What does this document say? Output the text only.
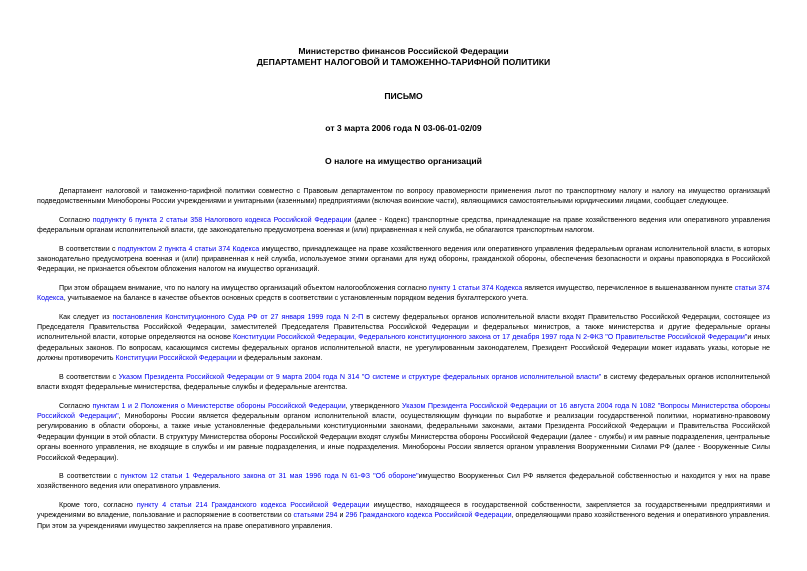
Министерство финансов Российской Федерации
ДЕПАРТАМЕНТ НАЛОГОВОЙ И ТАМОЖЕННО-ТАРИФНОЙ ПОЛИТИКИ
ПИСЬМО
от 3 марта 2006 года N 03-06-01-02/09
О налоге на имущество организаций

Департамент налоговой и таможенно-тарифной политики совместно с Правовым департаментом по вопросу правомерности применения льгот по транспортному налогу и налогу на имущество организаций подведомственными Минобороны России учреждениями и унитарными (казенными) предприятиями (включая воинские части), являющимися самостоятельными юридическими лицами, сообщает следующее.

Согласно подпункту 6 пункта 2 статьи 358 Налогового кодекса Российской Федерации (далее - Кодекс) транспортные средства, принадлежащие на праве хозяйственного ведения или оперативного управления федеральным органам исполнительной власти, где законодательно предусмотрена военная и (или) приравненная к ней служба, не облагаются транспортным налогом.

В соответствии с подпунктом 2 пункта 4 статьи 374 Кодекса имущество, принадлежащее на праве хозяйственного ведения или оперативного управления федеральным органам исполнительной власти, в которых законодательно предусмотрена военная и (или) приравненная к ней служба, используемое этими органами для нужд обороны, гражданской обороны, обеспечения безопасности и охраны правопорядка в Российской Федерации, не признается объектом обложения налогом на имущество организаций.

При этом обращаем внимание, что по налогу на имущество организаций объектом налогообложения согласно пункту 1 статьи 374 Кодекса является имущество, перечисленное в вышеназванном пункте статьи 374 Кодекса, учитываемое на балансе в качестве объектов основных средств в соответствии с установленным порядком ведения бухгалтерского учета.

Как следует из постановления Конституционного Суда РФ от 27 января 1999 года N 2-П в систему федеральных органов исполнительной власти входят Правительство Российской Федерации, состоящее из Председателя Правительства Российской Федерации, заместителей Председателя Правительства Российской Федерации и федеральных министров, а также министерства и другие федеральные органы исполнительной власти, которые определяются на основе Конституции Российской Федерации, Федерального конституционного закона от 17 декабря 1997 года N 2-ФКЗ "О Правительстве Российской Федерации"и иных федеральных законов. По вопросам, касающимся системы федеральных органов исполнительной власти, не урегулированным законодателем, Президент Российской Федерации может издавать указы, которые не должны противоречить Конституции Российской Федерации и федеральным законам.

В соответствии с Указом Президента Российской Федерации от 9 марта 2004 года N 314 "О системе и структуре федеральных органов исполнительной власти" в систему федеральных органов исполнительной власти входят федеральные министерства, федеральные службы и федеральные агентства.

Согласно пунктам 1 и 2 Положения о Министерстве обороны Российской Федерации, утвержденного Указом Президента Российской Федерации от 16 августа 2004 года N 1082 "Вопросы Министерства обороны Российской Федерации", Минобороны России является федеральным органом исполнительной власти, осуществляющим функции по выработке и реализации государственной политики, нормативно-правовому регулированию в области обороны, а также иные установленные федеральными конституционными законами, федеральными законами, актами Президента Российской Федерации и Правительства Российской Федерации функции в этой области. В структуру Министерства обороны Российской Федерации входят службы Министерства обороны Российской Федерации (далее - службы) и им равные подразделения, центральные органы военного управления, не входящие в службы и им равные подразделения, и иные подразделения. Минобороны России является органом управления Вооруженными Силами РФ (далее - Вооруженные Силы Российской Федерации).

В соответствии с пунктом 12 статьи 1 Федерального закона от 31 мая 1996 года N 61-ФЗ "Об обороне"имущество Вооруженных Сил РФ является федеральной собственностью и находится у них на праве хозяйственного ведения или оперативного управления.

Кроме того, согласно пункту 4 статьи 214 Гражданского кодекса Российской Федерации имущество, находящееся в государственной собственности, закрепляется за государственными предприятиями и учреждениями во владение, пользование и распоряжение в соответствии со статьями 294 и 296 Гражданского кодекса Российской Федерации, определяющими право хозяйственного ведения и оперативного управления. При этом за учреждениями имущество закрепляется на праве оперативного управления.
